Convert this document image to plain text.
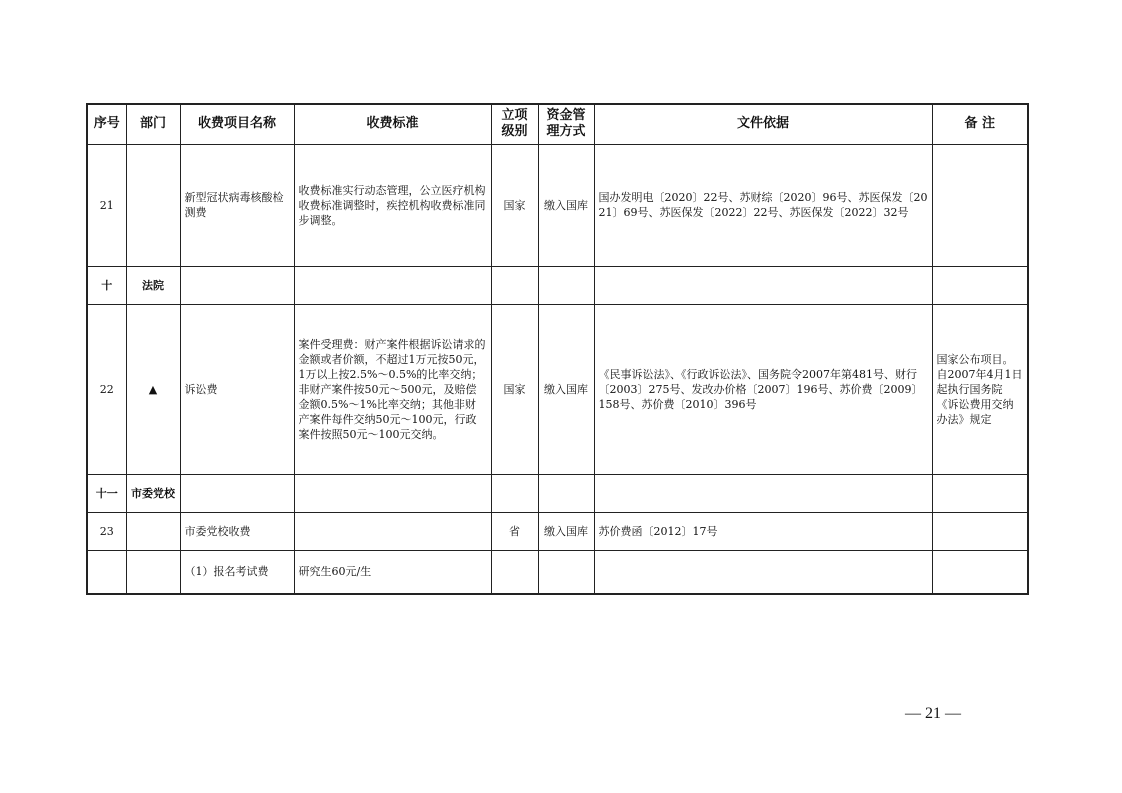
序号	部门	收费项目名称	收费标准	立项级别	资金管理方式	文件依据	备 注
21		新型冠状病毒核酸检测费	收费标准实行动态管理，公立医疗机构收费标准调整时，疾控机构收费标准同步调整。	国家	缴入国库	国办发明电〔2020〕22号、苏财综〔2020〕96号、苏医保发〔2021〕69号、苏医保发〔2022〕22号、苏医保发〔2022〕32号	
十	法院						
22	▲	诉讼费	案件受理费：财产案件根据诉讼请求的金额或者价额，不超过1万元按50元，1万以上按2.5%～0.5%的比率交纳；非财产案件按50元～500元，及赔偿金额0.5%～1%比率交纳；其他非财产案件每件交纳50元～100元，行政案件按照50元～100元交纳。	国家	缴入国库	《民事诉讼法》、《行政诉讼法》、国务院令2007年第481号、财行〔2003〕275号、发改办价格〔2007〕196号、苏价费〔2009〕158号、苏价费〔2010〕396号	国家公布项目。自2007年4月1日起执行国务院《诉讼费用交纳办法》规定
十一	市委党校						
23		市委党校收费		省	缴入国库	苏价费函〔2012〕17号	
		（1）报名考试费	研究生60元/生				
— 21 —
